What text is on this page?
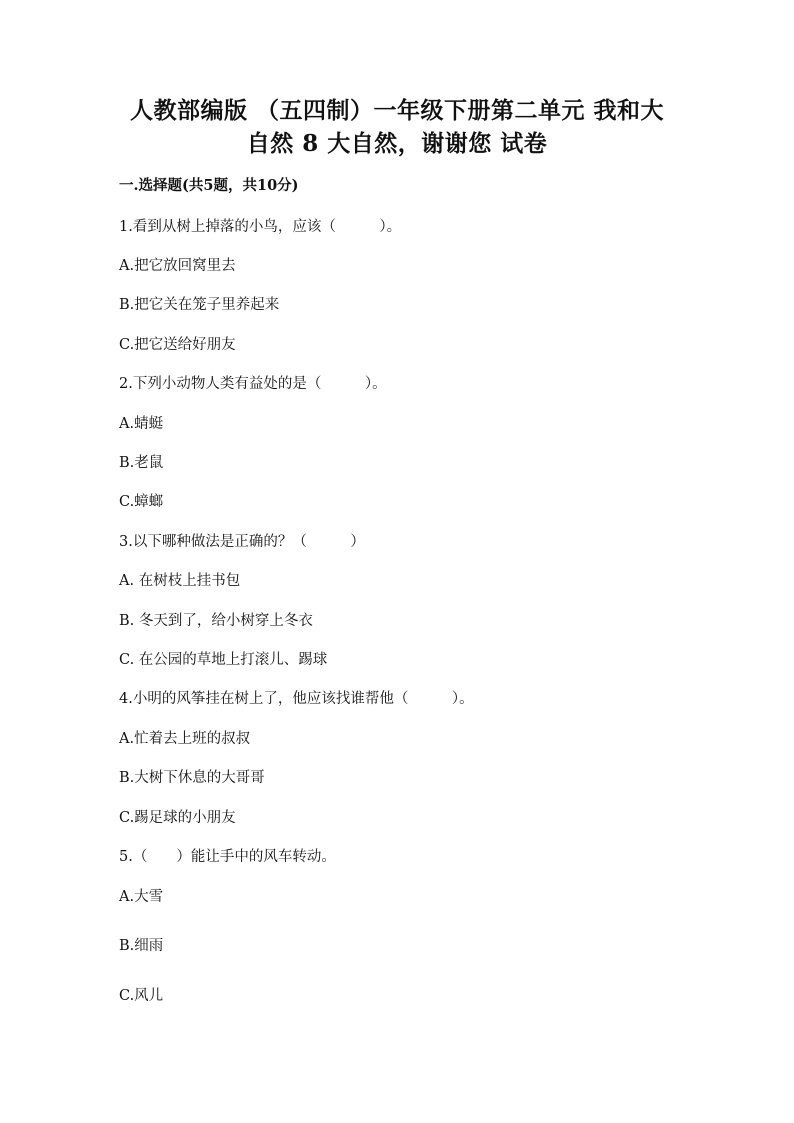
人教部编版 （五四制）一年级下册第二单元 我和大
自然 8 大自然，谢谢您 试卷
一.选择题(共5题，共10分)
1.看到从树上掉落的小鸟，应该（　　　）。
A.把它放回窝里去
B.把它关在笼子里养起来
C.把它送给好朋友
2.下列小动物人类有益处的是（　　　）。
A.蜻蜓
B.老鼠
C.蟑螂
3.以下哪种做法是正确的？（　　　）
A. 在树枝上挂书包
B. 冬天到了，给小树穿上冬衣
C. 在公园的草地上打滚儿、踢球
4.小明的风筝挂在树上了，他应该找谁帮他（　　　）。
A.忙着去上班的叔叔
B.大树下休息的大哥哥
C.踢足球的小朋友
5.（　　）能让手中的风车转动。
A.大雪
B.细雨
C.风儿
